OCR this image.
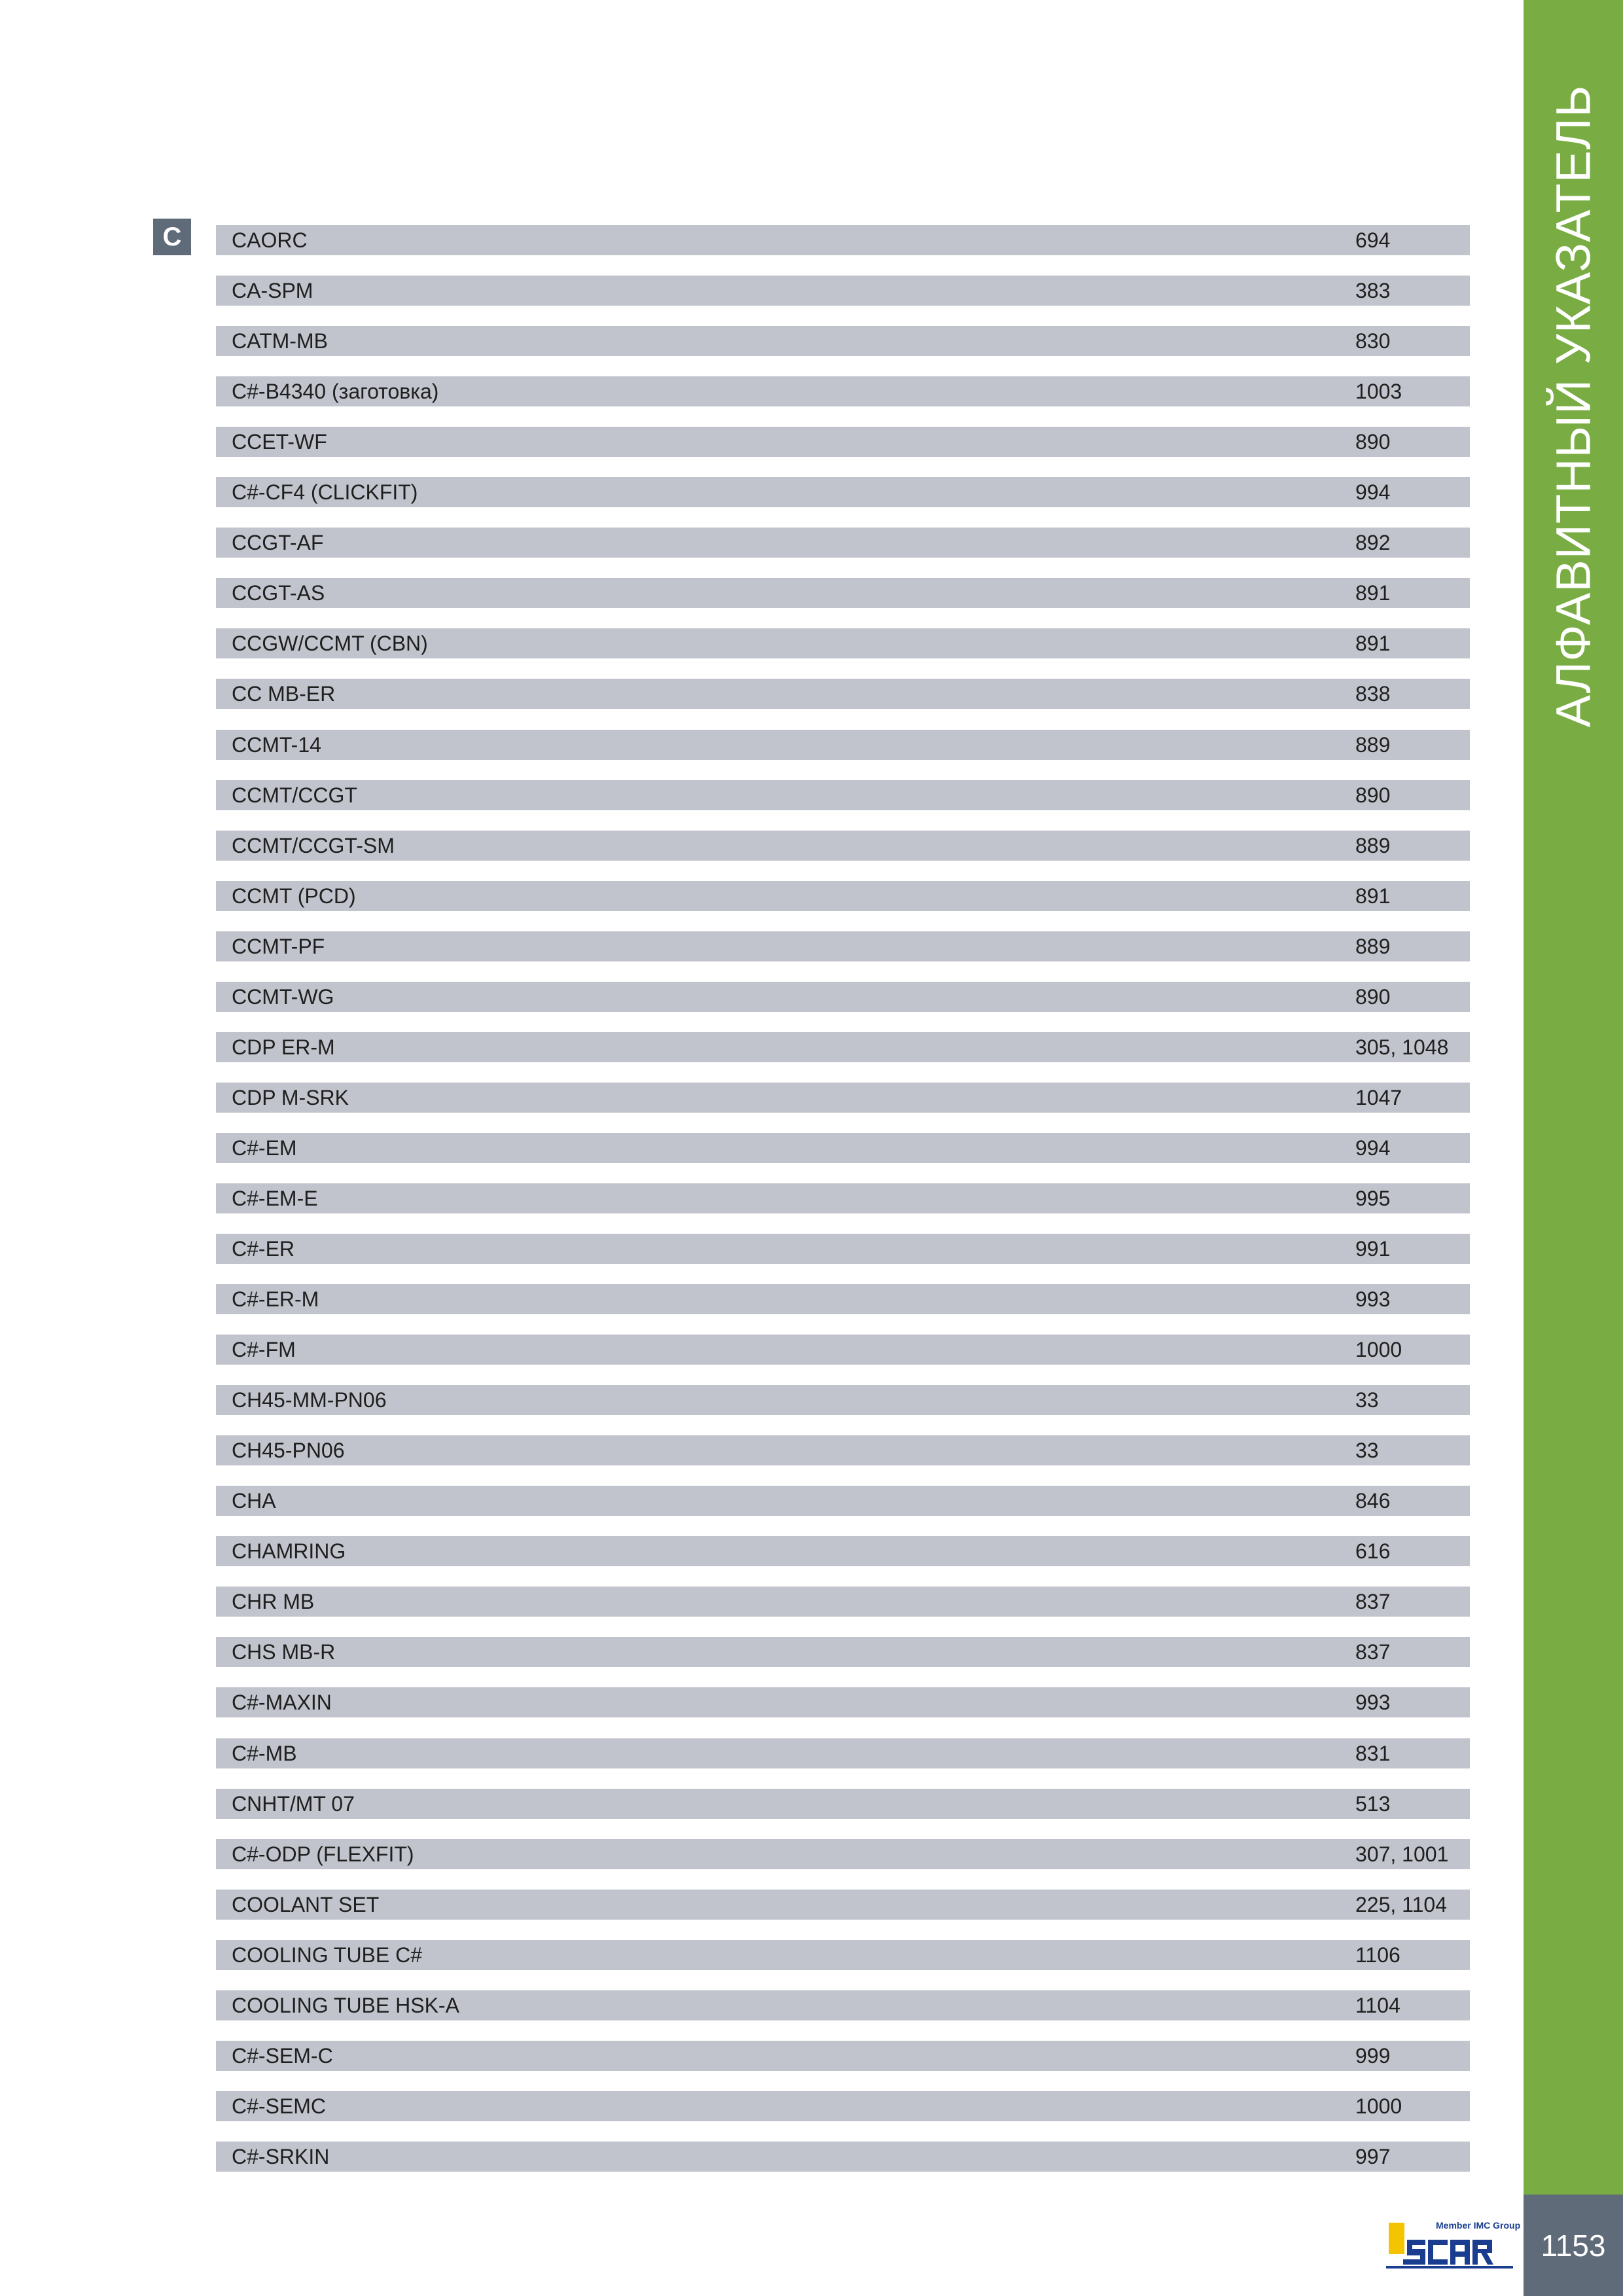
C	CAORC	694
CA-SPM	383
CATM-MB	830
C#-B4340 (заготовка)	1003
CCET-WF	890
C#-CF4 (CLICKFIT)	994
CCGT-AF	892
CCGT-AS	891
CCGW/CCMT (CBN)	891
CC MB-ER	838
CCMT-14	889
CCMT/CCGT	890
CCMT/CCGT-SM	889
CCMT (PCD)	891
CCMT-PF	889
CCMT-WG	890
CDP ER-M	305, 1048
CDP M-SRK	1047
C#-EM	994
C#-EM-E	995
C#-ER	991
C#-ER-M	993
C#-FM	1000
CH45-MM-PN06	33
CH45-PN06	33
CHA	846
CHAMRING	616
CHR MB	837
CHS MB-R	837
C#-MAXIN	993
C#-MB	831
CNHT/MT 07	513
C#-ODP (FLEXFIT)	307, 1001
COOLANT SET	225, 1104
COOLING TUBE C#	1106
COOLING TUBE HSK-A	1104
C#-SEM-C	999
C#-SEMC	1000
C#-SRKIN	997
АЛФАВИТНЫЙ УКАЗАТЕЛЬ
Member IMC Group
1153
